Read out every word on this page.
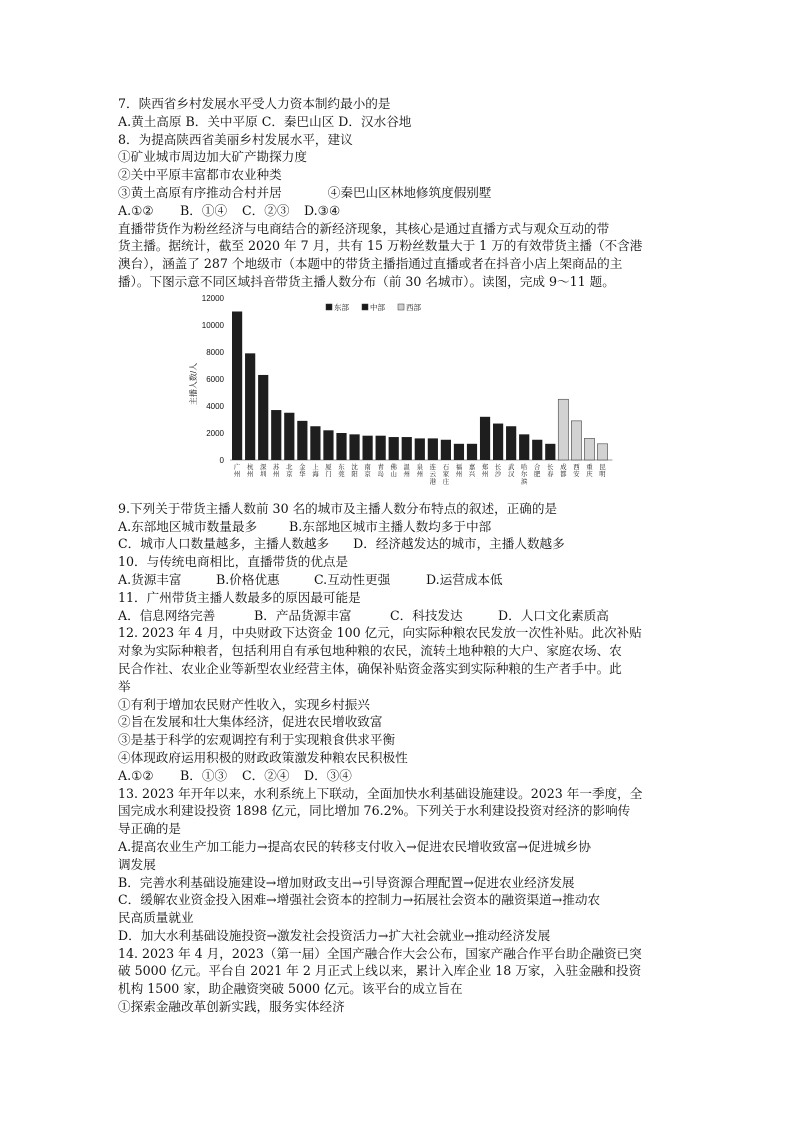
7．陕西省乡村发展水平受人力资本制约最小的是
A.黄土高原 B．关中平原 C．秦巴山区 D．汉水谷地
8．为提高陕西省美丽乡村发展水平，建议
①矿业城市周边加大矿产勘探力度
②关中平原丰富都市农业种类
③黄土高原有序推动合村并居	④秦巴山区林地修筑度假别墅
A.①② B．①④ C．②③ D.③④
直播带货作为粉丝经济与电商结合的新经济现象，其核心是通过直播方式与观众互动的带
货主播。据统计，截至 2020 年 7 月，共有 15 万粉丝数量大于 1 万的有效带货主播（不含港
澳台），涵盖了 287 个地级市（本题中的带货主播指通过直播或者在抖音小店上架商品的主
播）。下图示意不同区域抖音带货主播人数分布（前 30 名城市）。读图，完成 9～11 题。
0
2000
4000
6000
8000
10000
12000
主播人数/人
广州
杭州
深圳
苏州
北京
金华
上海
厦门
东莞
沈阳
南京
青岛
佛山
温州
泉州
连云港
石家庄
福州
嘉兴
郑州
长沙
武汉
哈尔滨
合肥
长春
成都
西安
重庆
昆明
东部	中部	西部
9.下列关于带货主播人数前 30 名的城市及主播人数分布特点的叙述，正确的是
A.东部地区城市数量最多	B.东部地区城市主播人数均多于中部
C．城市人口数量越多，主播人数越多 D．经济越发达的城市，主播人数越多
10．与传统电商相比，直播带货的优点是
A.货源丰富	B.价格优惠	C.互动性更强	D.运营成本低
11．广州带货主播人数最多的原因最可能是
A．信息网络完善	B．产品货源丰富	C．科技发达	D．人口文化素质高
12. 2023 年 4 月，中央财政下达资金 100 亿元，向实际种粮农民发放一次性补贴。此次补贴
对象为实际种粮者，包括利用自有承包地种粮的农民，流转土地种粮的大户、家庭农场、农
民合作社、农业企业等新型农业经营主体，确保补贴资金落实到实际种粮的生产者手中。此
举
①有利于增加农民财产性收入，实现乡村振兴
②旨在发展和壮大集体经济，促进农民增收致富
③是基于科学的宏观调控有利于实现粮食供求平衡
④体现政府运用积极的财政政策激发种粮农民积极性
A.①② B．①③ C．②④ D．③④
13. 2023 年开年以来，水利系统上下联动，全面加快水利基础设施建设。2023 年一季度，全
国完成水利建设投资 1898 亿元，同比增加 76.2%。下列关于水利建设投资对经济的影响传
导正确的是
A.提高农业生产加工能力→提高农民的转移支付收入→促进农民增收致富→促进城乡协
调发展
B．完善水利基础设施建设→增加财政支出→引导资源合理配置→促进农业经济发展
C．缓解农业资金投入困难→增强社会资本的控制力→拓展社会资本的融资渠道→推动农
民高质量就业
D．加大水利基础设施投资→激发社会投资活力→扩大社会就业→推动经济发展
14. 2023 年 4 月，2023（第一届）全国产融合作大会公布，国家产融合作平台助企融资已突
破 5000 亿元。平台自 2021 年 2 月正式上线以来，累计入库企业 18 万家，入驻金融和投资
机构 1500 家，助企融资突破 5000 亿元。该平台的成立旨在
①探索金融改革创新实践，服务实体经济
